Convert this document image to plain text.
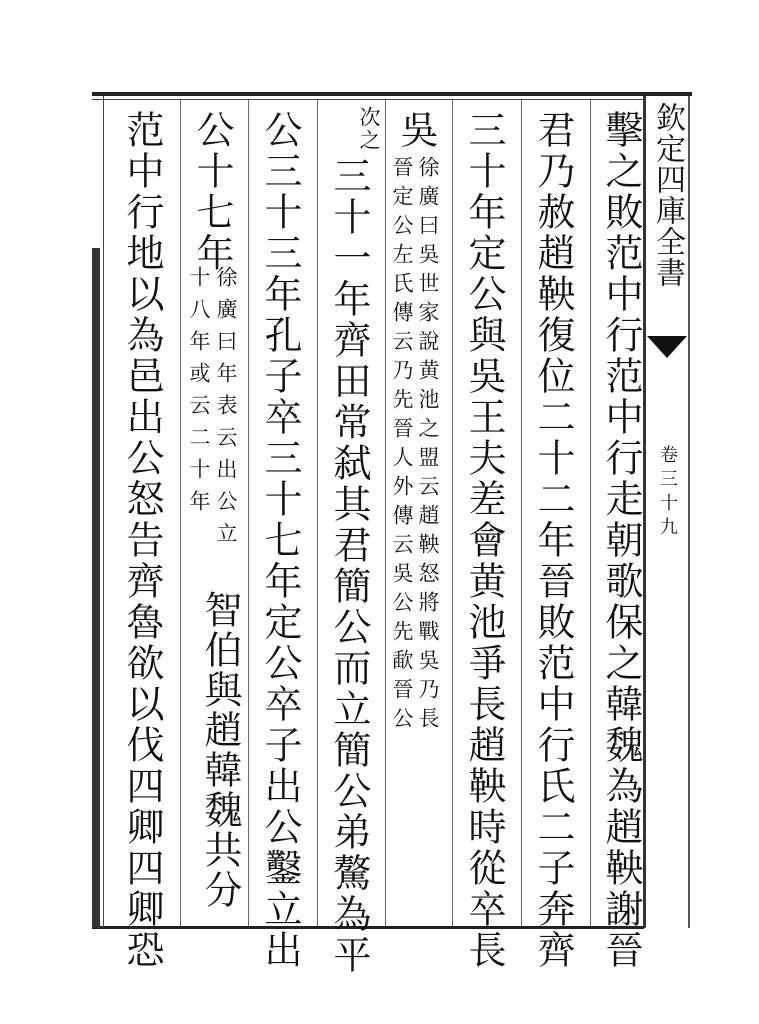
欽定四庫全書
卷三十九
擊之敗范中行范中行走朝歌保之韓魏為趙鞅謝晉
君乃赦趙鞅復位二十二年晉敗范中行氏二子奔齊
三十年定公與吳王夫差會黄池爭長趙鞅時從卒長
吳
徐廣曰吳世家說黄池之盟云趙鞅怒將戰吳乃長
晉定公左氏傳云乃先晉人外傳云吳公先歃晉公
次之
三十一年齊田常弑其君簡公而立簡公弟驁為平
公三十三年孔子卒三十七年定公卒子出公鑿立出
公十七年
徐廣曰年表云出公立
十八年或云二十年
智伯與趙韓魏共分
范中行地以為邑出公怒告齊魯欲以伐四卿四卿恐
